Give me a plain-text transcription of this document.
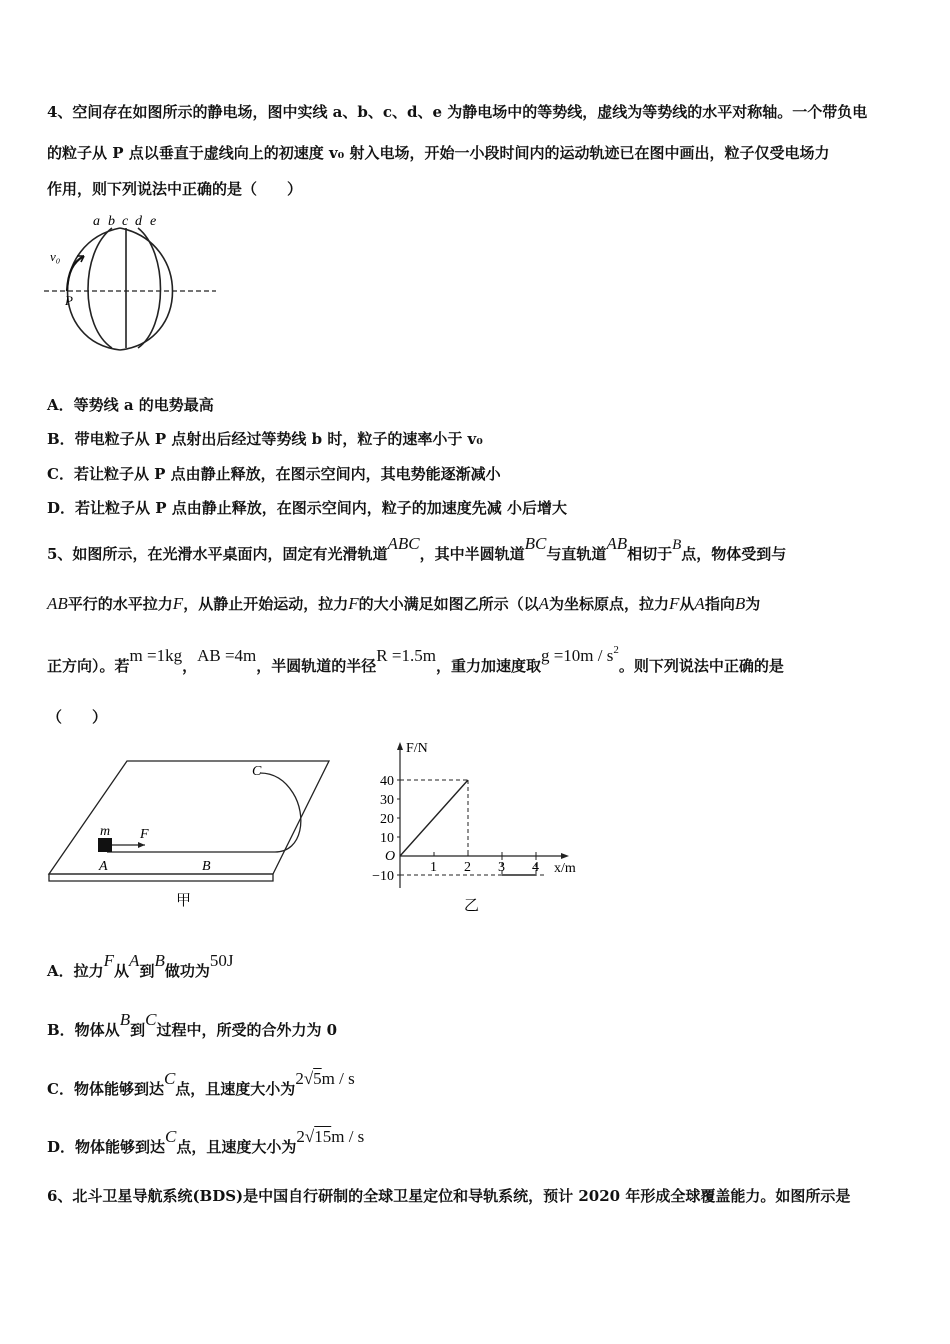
4、空间存在如图所示的静电场，图中实线 a、b、c、d、e 为静电场中的等势线，虚线为等势线的水平对称轴。一个带负电
的粒子从 P 点以垂直于虚线向上的初速度 v₀ 射入电场，开始一小段时间内的运动轨迹已在图中画出，粒子仅受电场力
作用，则下列说法中正确的是（　　）
a b c d e
v₀
P
A．等势线 a 的电势最高
B．带电粒子从 P 点射出后经过等势线 b 时，粒子的速率小于 v₀
C．若让粒子从 P 点由静止释放，在图示空间内，其电势能逐渐减小
D．若让粒子从 P 点由静止释放，在图示空间内，粒子的加速度先减 小后增大
5、如图所示，在光滑水平桌面内，固定有光滑轨道ABC，其中半圆轨道BC与直轨道AB相切于B点，物体受到与
AB平行的水平拉力F，从静止开始运动，拉力F的大小满足如图乙所示（以A为坐标原点，拉力F从A指向B为
正方向）。若m =1kg，AB =4m，半圆轨道的半径R =1.5m，重力加速度取$g =10m / s^2$。则下列说法中正确的是
（　　）
m F
A	B
C
甲
F/N
x/m
O
40
30
20
10
−10
1 2 3 4
乙
A．拉力F从A到B做功为50J
B．物体从B到C过程中，所受的合外力为 0
C．物体能够到达C点，且速度大小为2√5m / s
D．物体能够到达C点，且速度大小为2√15m / s
6、北斗卫星导航系统(BDS)是中国自行研制的全球卫星定位和导轨系统，预计 2020 年形成全球覆盖能力。如图所示是
